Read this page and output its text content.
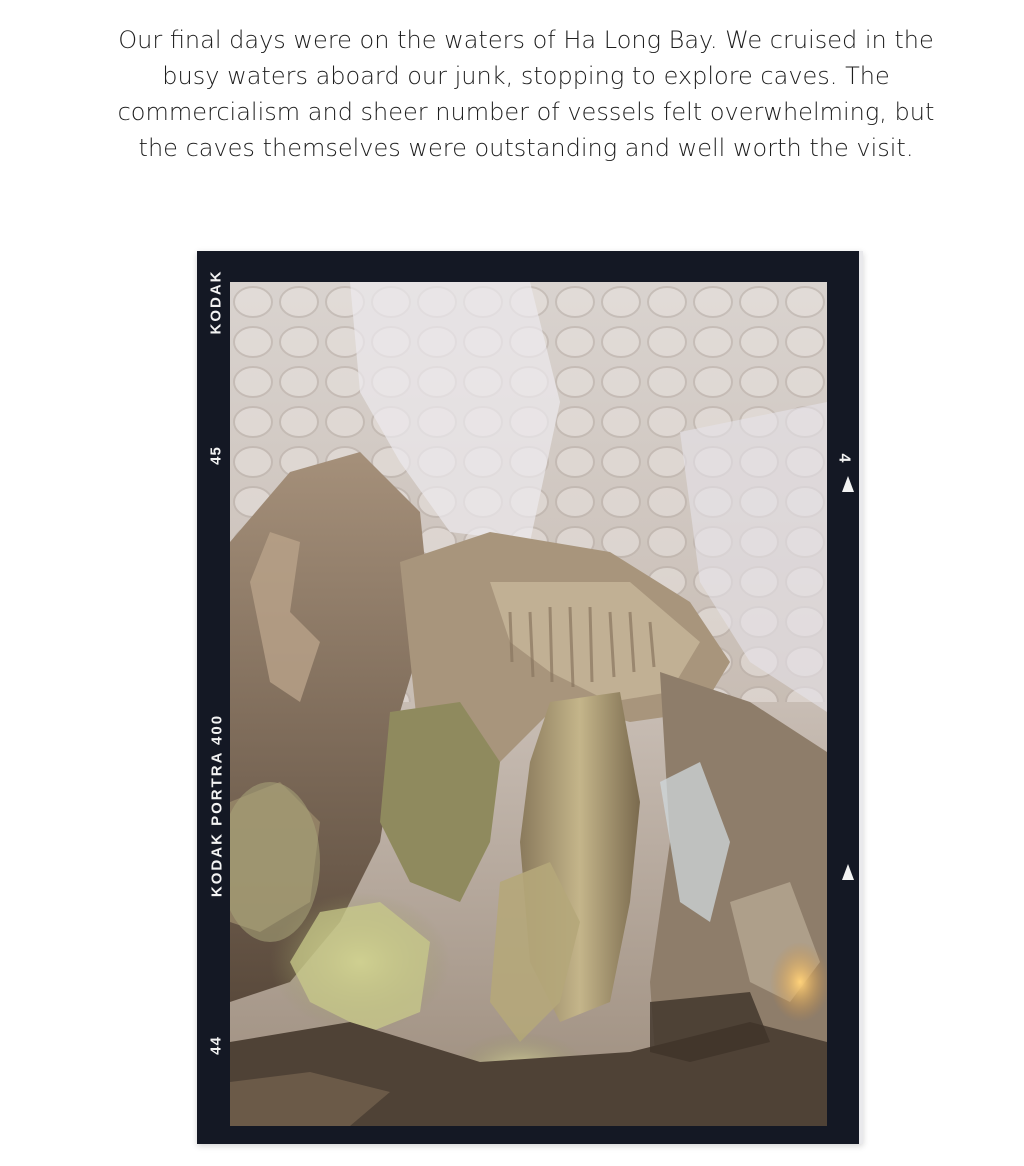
Our final days were on the waters of Ha Long Bay. We cruised in the busy waters aboard our junk, stopping to explore caves. The commercialism and sheer number of vessels felt overwhelming, but the caves themselves were outstanding and well worth the visit.

KODAK
45
KODAK PORTRA 400
44
4
